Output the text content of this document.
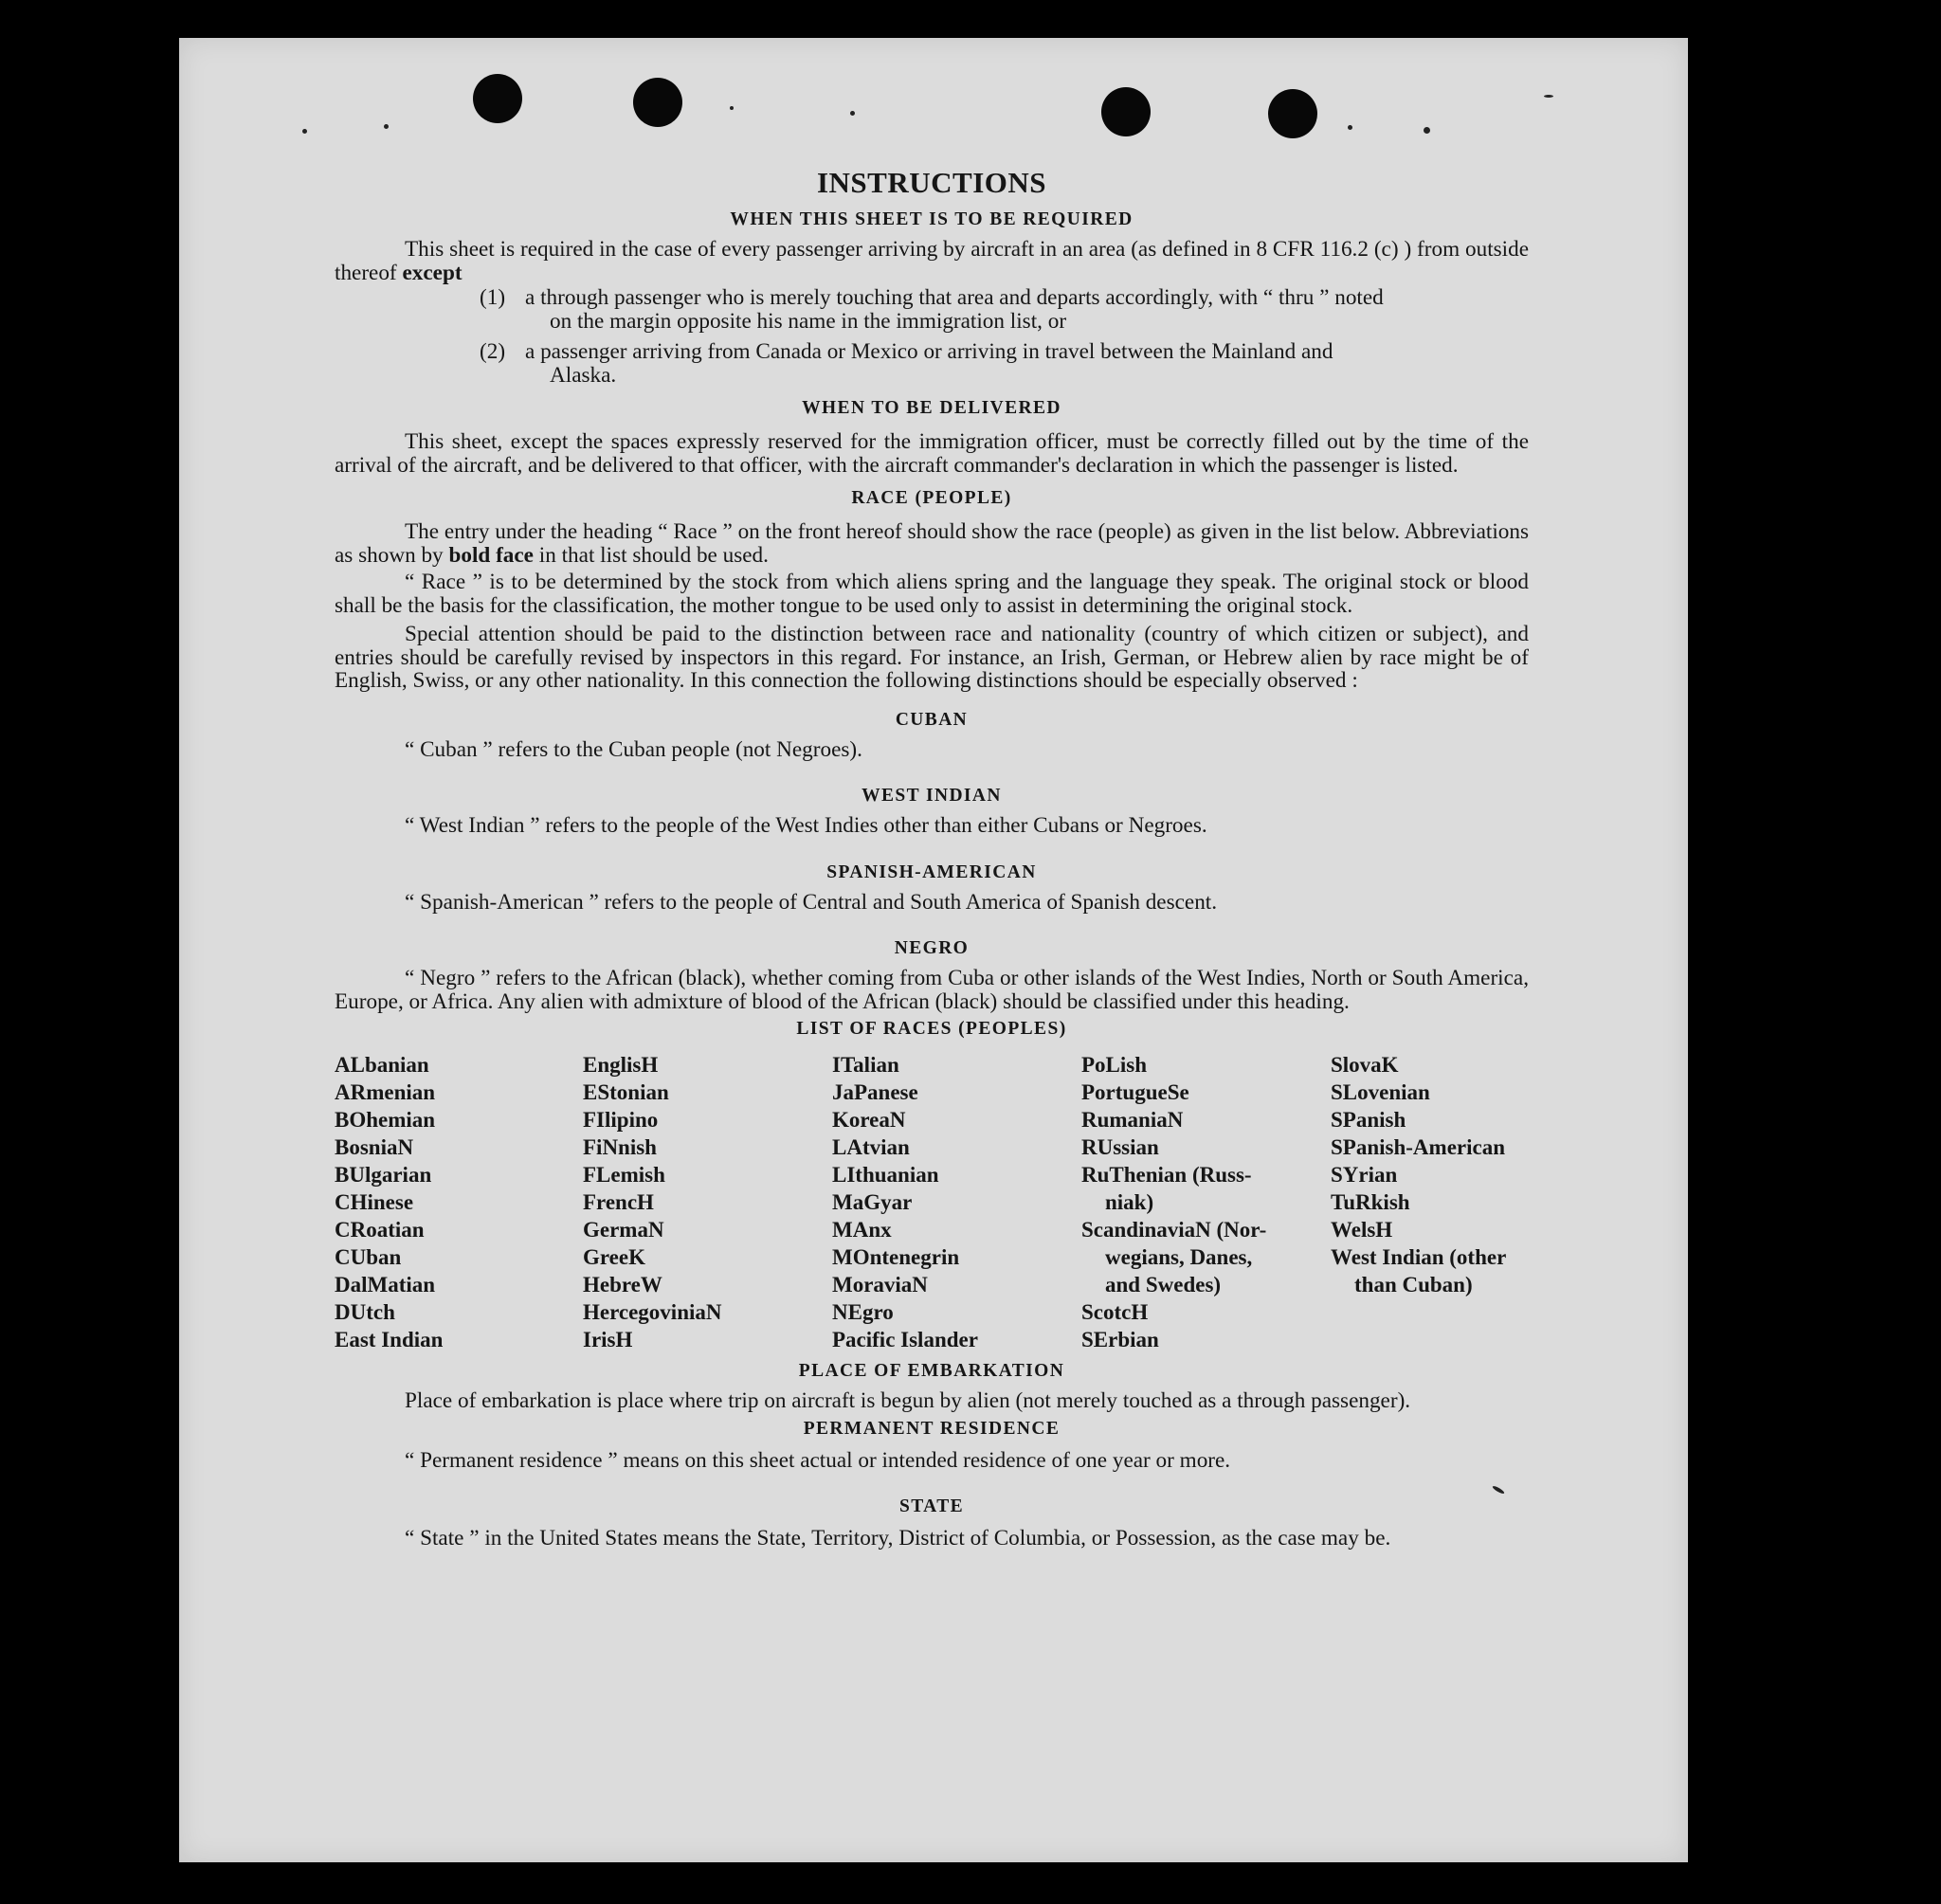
INSTRUCTIONS
WHEN THIS SHEET IS TO BE REQUIRED

This sheet is required in the case of every passenger arriving by aircraft in an area (as defined in 8 CFR 116.2 (c) ) from outside thereof except

(1) a through passenger who is merely touching that area and departs accordingly, with “ thru ” noted
on the margin opposite his name in the immigration list, or
(2) a passenger arriving from Canada or Mexico or arriving in travel between the Mainland and
Alaska.
WHEN TO BE DELIVERED

This sheet, except the spaces expressly reserved for the immigration officer, must be correctly filled out by the time of the arrival of the aircraft, and be delivered to that officer, with the aircraft commander's declaration in which the passenger is listed.

RACE (PEOPLE)

The entry under the heading “ Race ” on the front hereof should show the race (people) as given in the list below. Abbreviations as shown by bold face in that list should be used.

“ Race ” is to be determined by the stock from which aliens spring and the language they speak. The original stock or blood shall be the basis for the classification, the mother tongue to be used only to assist in determining the original stock.

Special attention should be paid to the distinction between race and nationality (country of which citizen or subject), and entries should be carefully revised by inspectors in this regard. For instance, an Irish, German, or Hebrew alien by race might be of English, Swiss, or any other nationality. In this connection the following distinctions should be especially observed :

CUBAN

“ Cuban ” refers to the Cuban people (not Negroes).

WEST INDIAN

“ West Indian ” refers to the people of the West Indies other than either Cubans or Negroes.

SPANISH-AMERICAN

“ Spanish-American ” refers to the people of Central and South America of Spanish descent.

NEGRO

“ Negro ” refers to the African (black), whether coming from Cuba or other islands of the West Indies, North or South America, Europe, or Africa. Any alien with admixture of blood of the African (black) should be classified under this heading.

LIST OF RACES (PEOPLES)
ALbanian
ARmenian
BOhemian
BosniaN
BUlgarian
CHinese
CRoatian
CUban
DalMatian
DUtch
East Indian
EnglisH
EStonian
FIlipino
FiNnish
FLemish
FrencH
GermaN
GreeK
HebreW
HercegoviniaN
IrisH
ITalian
JaPanese
KoreaN
LAtvian
LIthuanian
MaGyar
MAnx
MOntenegrin
MoraviaN
NEgro
Pacific Islander
PoLish
PortugueSe
RumaniaN
RUssian
RuThenian (Russ-
niak)
ScandinaviaN (Nor-
wegians, Danes,
and Swedes)
ScotcH
SErbian
SlovaK
SLovenian
SPanish
SPanish-American
SYrian
TuRkish
WelsH
West Indian (other
than Cuban)
PLACE OF EMBARKATION

Place of embarkation is place where trip on aircraft is begun by alien (not merely touched as a through passenger).

PERMANENT RESIDENCE

“ Permanent residence ” means on this sheet actual or intended residence of one year or more.

STATE

“ State ” in the United States means the State, Territory, District of Columbia, or Possession, as the case may be.
